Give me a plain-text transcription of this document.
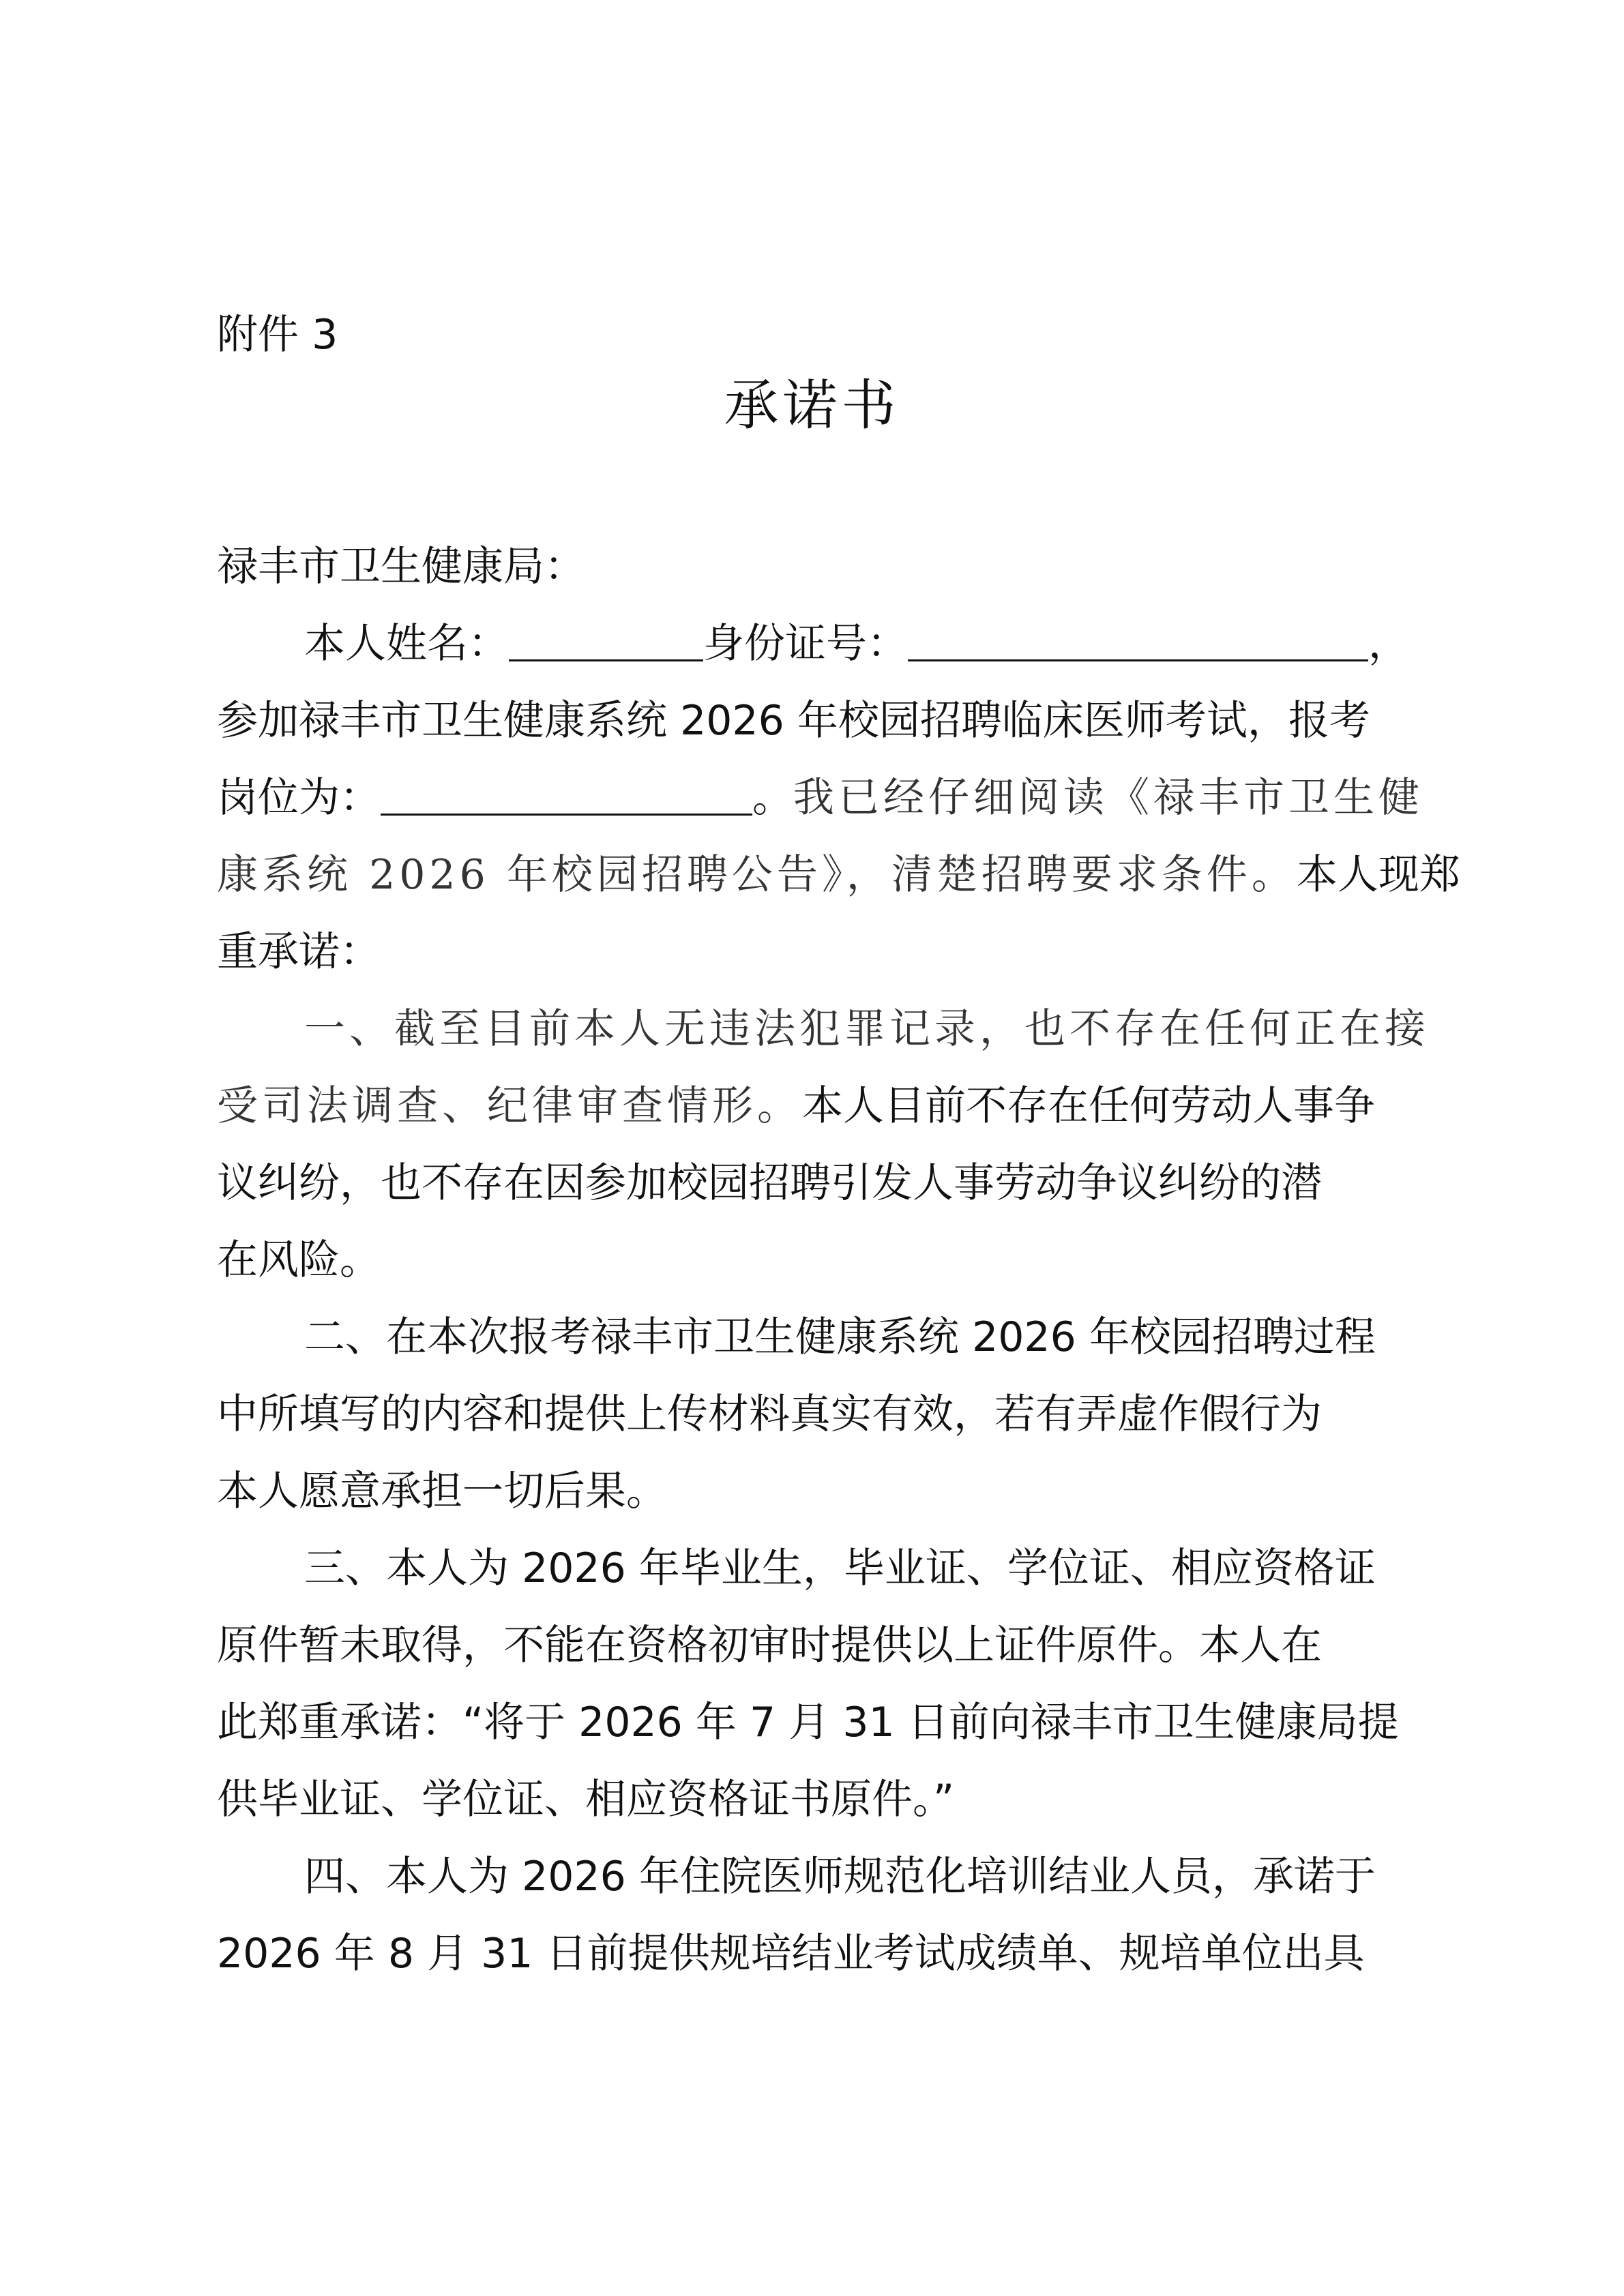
附件 3
承诺书
禄丰市卫生健康局：
本人姓名：	身份证号：	，
参加禄丰市卫生健康系统 2026 年校园招聘临床医师考试，报考
岗位为：	。我已经仔细阅读《禄丰市卫生健
康系统 2026 年校园招聘公告》，清楚招聘要求条件。本人现郑
重承诺：
一、截至目前本人无违法犯罪记录，也不存在任何正在接
受司法调查、纪律审查情形。本人目前不存在任何劳动人事争
议纠纷，也不存在因参加校园招聘引发人事劳动争议纠纷的潜
在风险。
二、在本次报考禄丰市卫生健康系统 2026 年校园招聘过程
中所填写的内容和提供上传材料真实有效，若有弄虚作假行为
本人愿意承担一切后果。
三、本人为 2026 年毕业生，毕业证、学位证、相应资格证
原件暂未取得，不能在资格初审时提供以上证件原件。本人在
此郑重承诺：“将于 2026 年 7 月 31 日前向禄丰市卫生健康局提
供毕业证、学位证、相应资格证书原件。”
四、本人为 2026 年住院医师规范化培训结业人员，承诺于
2026 年 8 月 31 日前提供规培结业考试成绩单、规培单位出具
